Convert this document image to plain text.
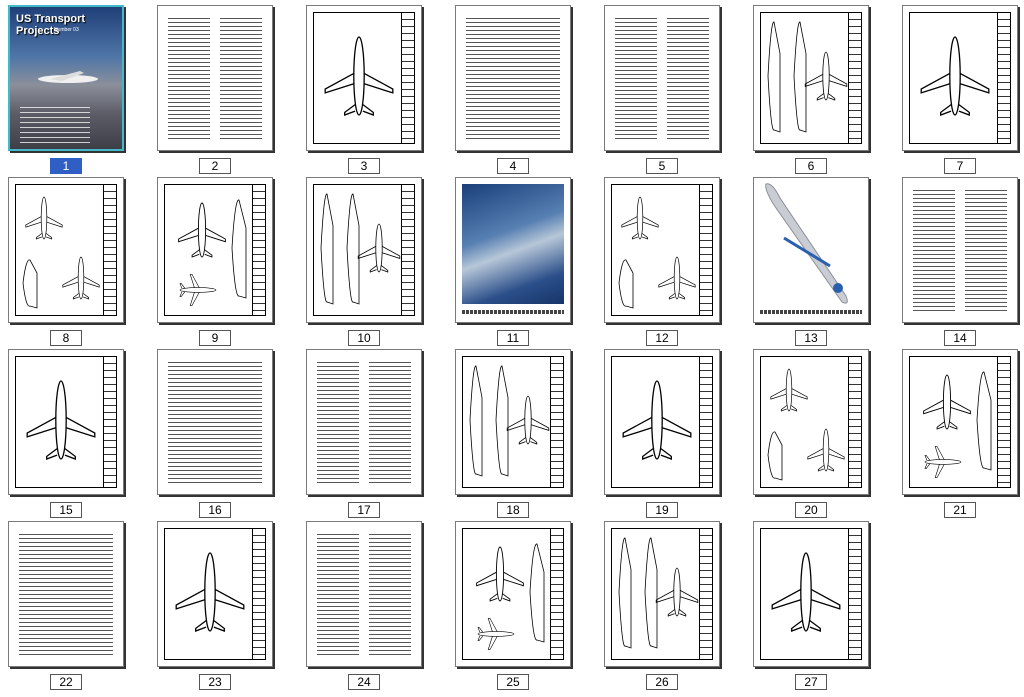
US Transport Projects
Number 03
1	2	3	4	5	6	7
8	9	10	11	12	13	14
15	16	17	18	19	20	21
22	23	24	25	26	27
